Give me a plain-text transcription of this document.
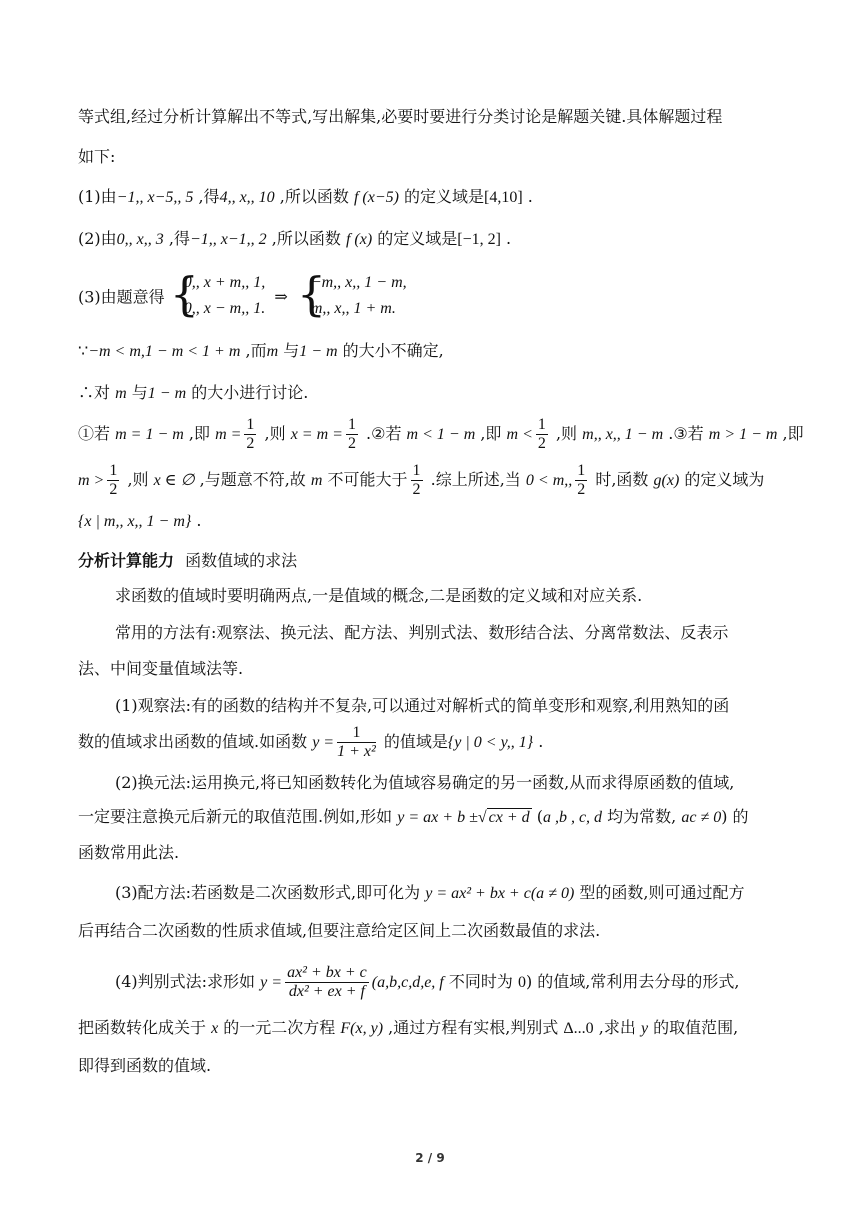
等式组,经过分析计算解出不等式,写出解集,必要时要进行分类讨论是解题关键.具体解题过程
如下:
(1)由−1,, x−5,, 5 ,得4,, x,, 10 ,所以函数 f (x−5) 的定义域是[4,10] .
(2)由0,, x,, 3 ,得−1,, x−1,, 2 ,所以函数 f (x) 的定义域是[−1, 2] .
(3)由题意得 {
0,, x + m,, 1,
0,, x − m,, 1.
⇒ {
−m,, x,, 1 − m,
m,, x,, 1 + m.
∵−m < m,1 − m < 1 + m ,而m 与1 − m 的大小不确定,
∴对 m 与1 − m 的大小进行讨论.
①若 m = 1 − m ,即 $m = \frac{1}{2}$ ,则 $x = m = \frac{1}{2}$ .②若 m < 1 − m ,即 $m < \frac{1}{2}$ ,则 m,, x,, 1 − m .③若 m > 1 − m ,即
$m > \frac{1}{2}$ ,则 x ∈ ∅ ,与题意不符,故 m 不可能大于 $\frac{1}{2}$ .综上所述,当 0 < m,, $\frac{1}{2}$ 时,函数 g(x) 的定义域为
{x | m,, x,, 1 − m} .
分析计算能力 函数值域的求法
求函数的值域时要明确两点,一是值域的概念,二是函数的定义域和对应关系.
常用的方法有:观察法、换元法、配方法、判别式法、数形结合法、分离常数法、反表示
法、中间变量值域法等.
(1)观察法:有的函数的结构并不复杂,可以通过对解析式的简单变形和观察,利用熟知的函
数的值域求出函数的值域.如函数 $y = \frac{1}{\text{1 + x²}}$ 的值域是{y | 0 < y,, 1} .
(2)换元法:运用换元,将已知函数转化为值域容易确定的另一函数,从而求得原函数的值域,
一定要注意换元后新元的取值范围.例如,形如 y = ax + b ±√ cx + d (a ,b , c, d 均为常数, ac ≠ 0) 的
函数常用此法.
(3)配方法:若函数是二次函数形式,即可化为 y = ax² + bx + c(a ≠ 0) 型的函数,则可通过配方
后再结合二次函数的性质求值域,但要注意给定区间上二次函数最值的求法.
(4)判别式法:求形如 $y = \frac{\text{ax² + bx + c}}{\text{dx² + ex + f}} (a,b,c,d,e$, f 不同时为 0) 的值域,常利用去分母的形式,
把函数转化成关于 x 的一元二次方程 F(x, y) ,通过方程有实根,判别式 Δ...0 ,求出 y 的取值范围,
即得到函数的值域.
2 / 9
